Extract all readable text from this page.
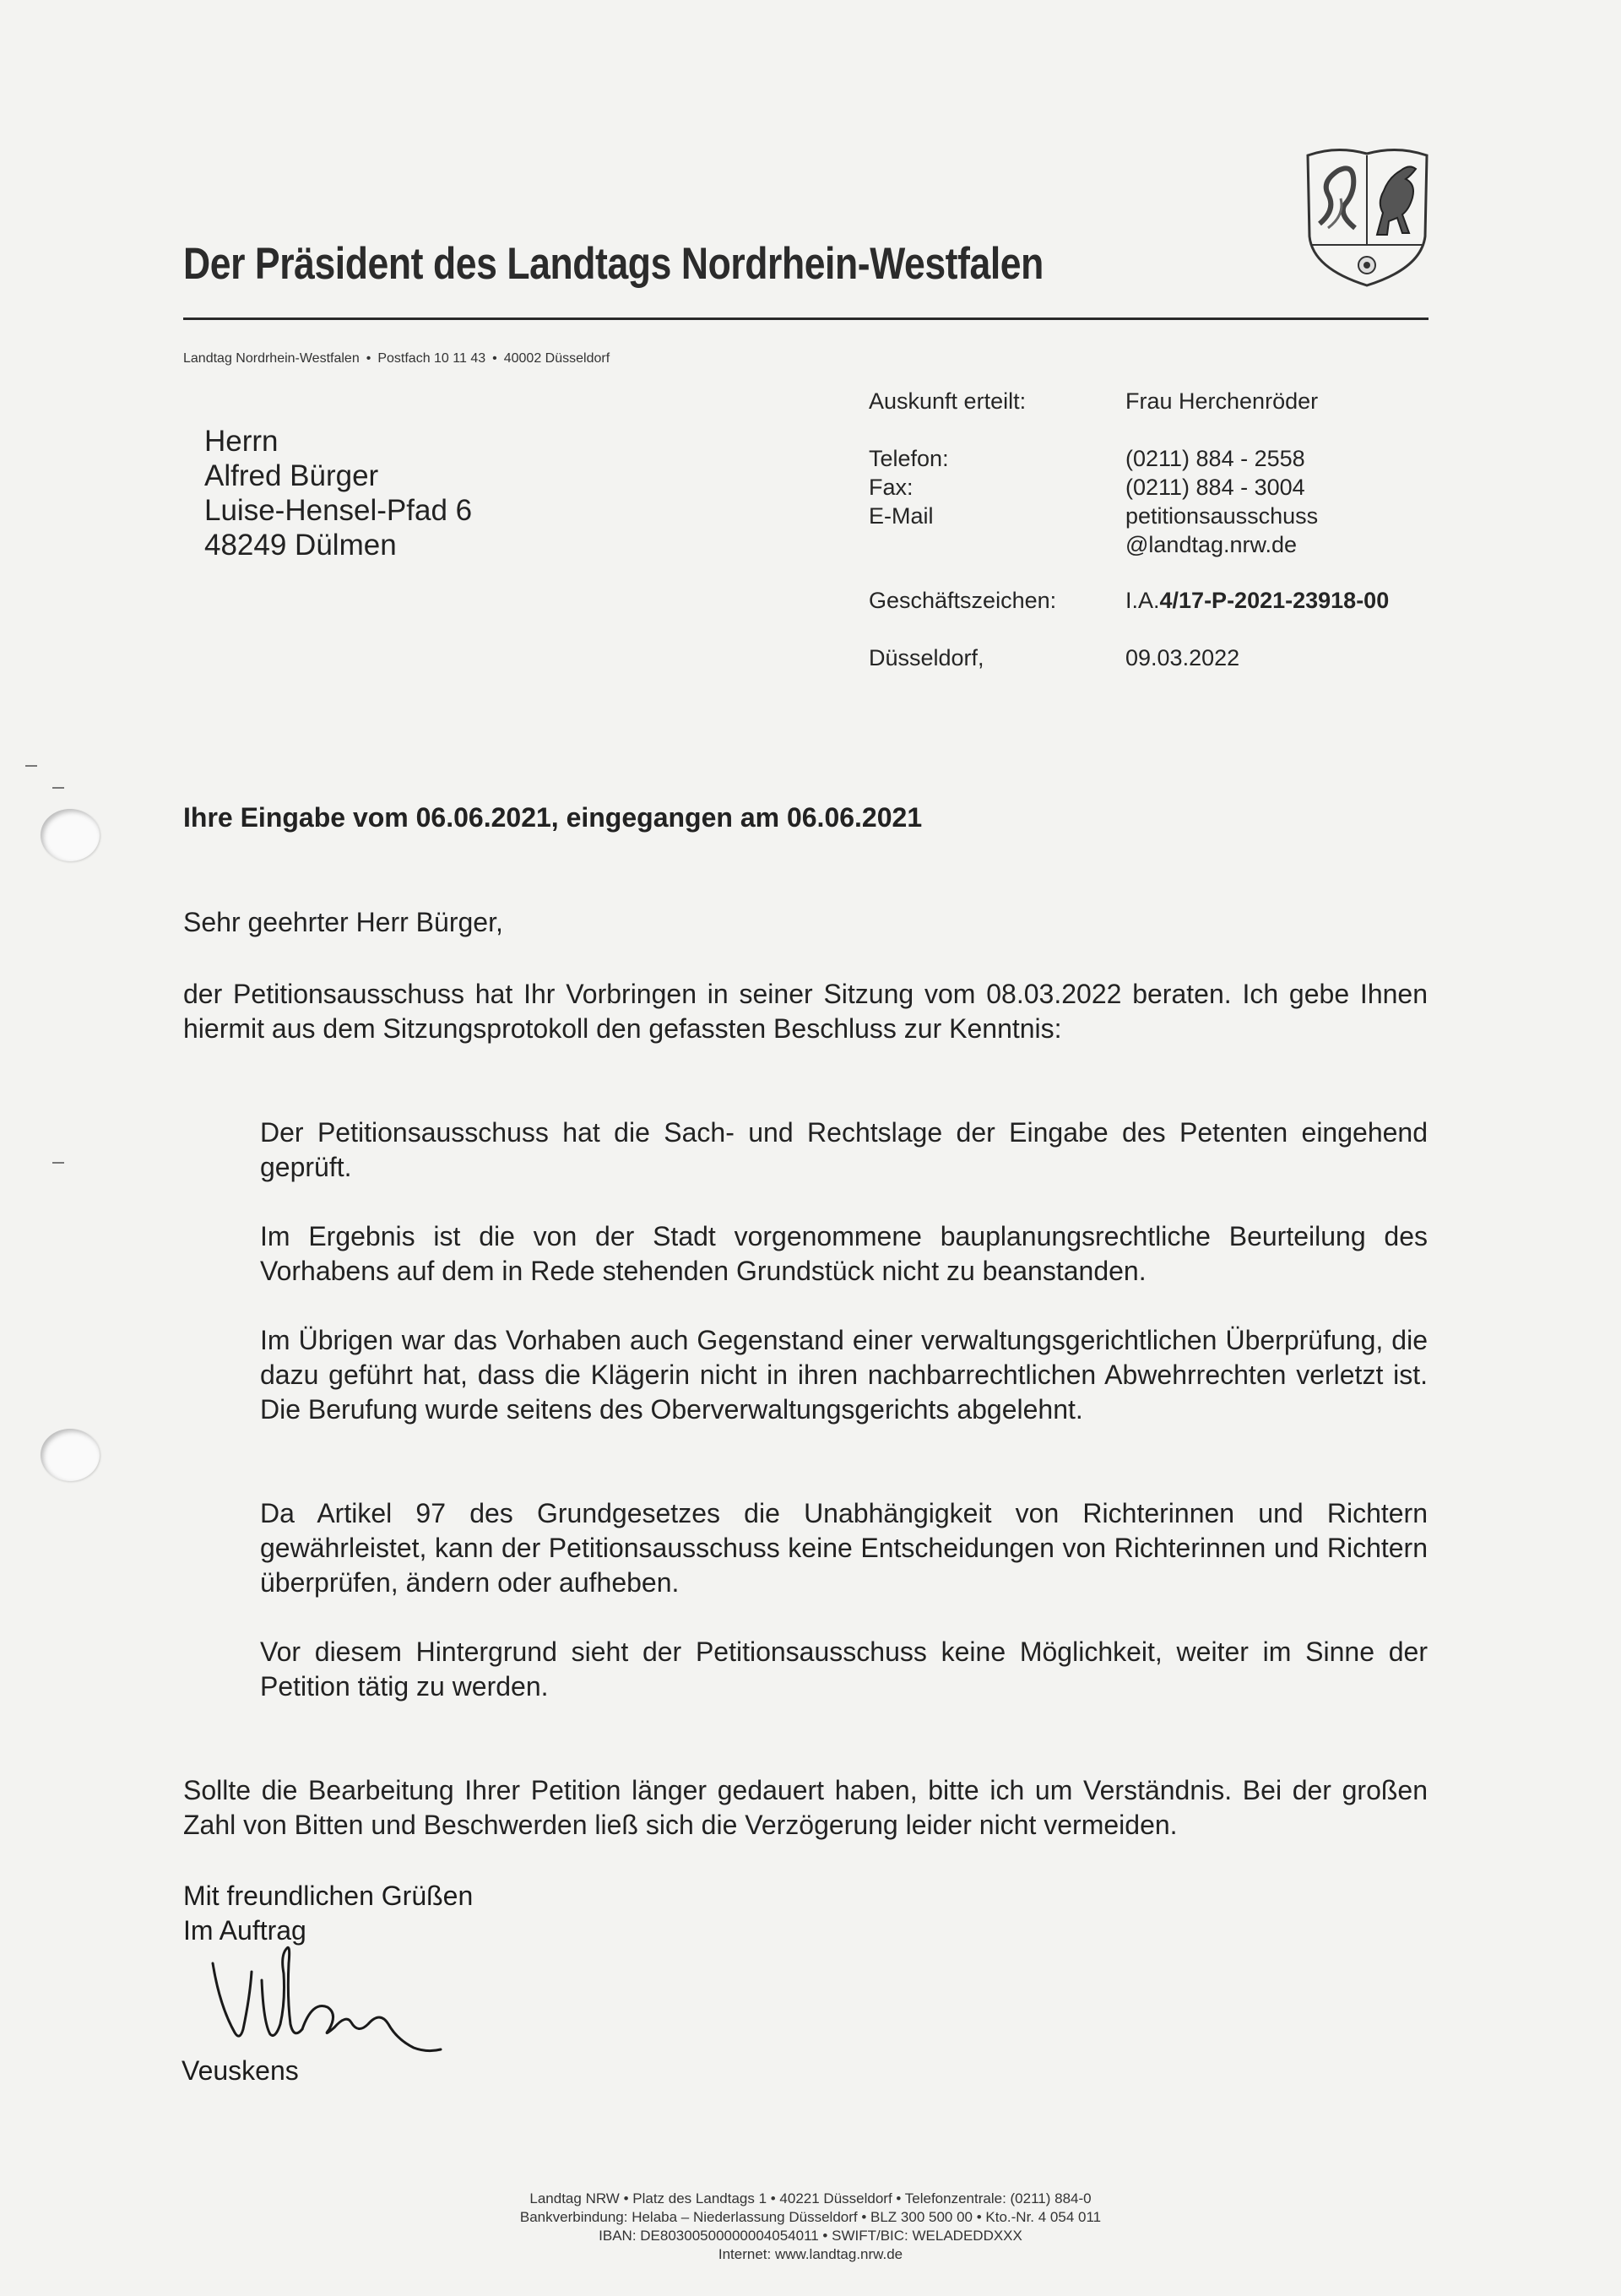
Der Präsident des Landtags Nordrhein-Westfalen
Landtag Nordrhein-Westfalen • Postfach 10 11 43 • 40002 Düsseldorf
Herrn
Alfred Bürger
Luise-Hensel-Pfad 6
48249 Dülmen
Auskunft erteilt:	Frau Herchenröder
Telefon:	(0211) 884 - 2558
Fax:	(0211) 884 - 3004
E-Mail	petitionsausschuss
@landtag.nrw.de
Geschäftszeichen:	I.A.4/17-P-2021-23918-00
Düsseldorf,	09.03.2022
Ihre Eingabe vom 06.06.2021, eingegangen am 06.06.2021
Sehr geehrter Herr Bürger,
der Petitionsausschuss hat Ihr Vorbringen in seiner Sitzung vom 08.03.2022 beraten. Ich gebe Ihnen hiermit aus dem Sitzungsprotokoll den gefassten Beschluss zur Kenntnis:
Der Petitionsausschuss hat die Sach- und Rechtslage der Eingabe des Petenten eingehend geprüft.
Im Ergebnis ist die von der Stadt vorgenommene bauplanungsrechtliche Beurteilung des Vorhabens auf dem in Rede stehenden Grundstück nicht zu beanstanden.
Im Übrigen war das Vorhaben auch Gegenstand einer verwaltungsgerichtlichen Überprüfung, die dazu geführt hat, dass die Klägerin nicht in ihren nachbarrechtlichen Abwehrrechten verletzt ist. Die Berufung wurde seitens des Oberverwaltungsgerichts abgelehnt.
Da Artikel 97 des Grundgesetzes die Unabhängigkeit von Richterinnen und Richtern gewährleistet, kann der Petitionsausschuss keine Entscheidungen von Richterinnen und Richtern überprüfen, ändern oder aufheben.
Vor diesem Hintergrund sieht der Petitionsausschuss keine Möglichkeit, weiter im Sinne der Petition tätig zu werden.
Sollte die Bearbeitung Ihrer Petition länger gedauert haben, bitte ich um Verständnis. Bei der großen Zahl von Bitten und Beschwerden ließ sich die Verzögerung leider nicht vermeiden.
Mit freundlichen Grüßen
Im Auftrag
Veuskens
Landtag NRW • Platz des Landtags 1 • 40221 Düsseldorf • Telefonzentrale: (0211) 884-0
Bankverbindung: Helaba – Niederlassung Düsseldorf • BLZ 300 500 00 • Kto.-Nr. 4 054 011
IBAN: DE80300500000004054011 • SWIFT/BIC: WELADEDDXXX
Internet: www.landtag.nrw.de
